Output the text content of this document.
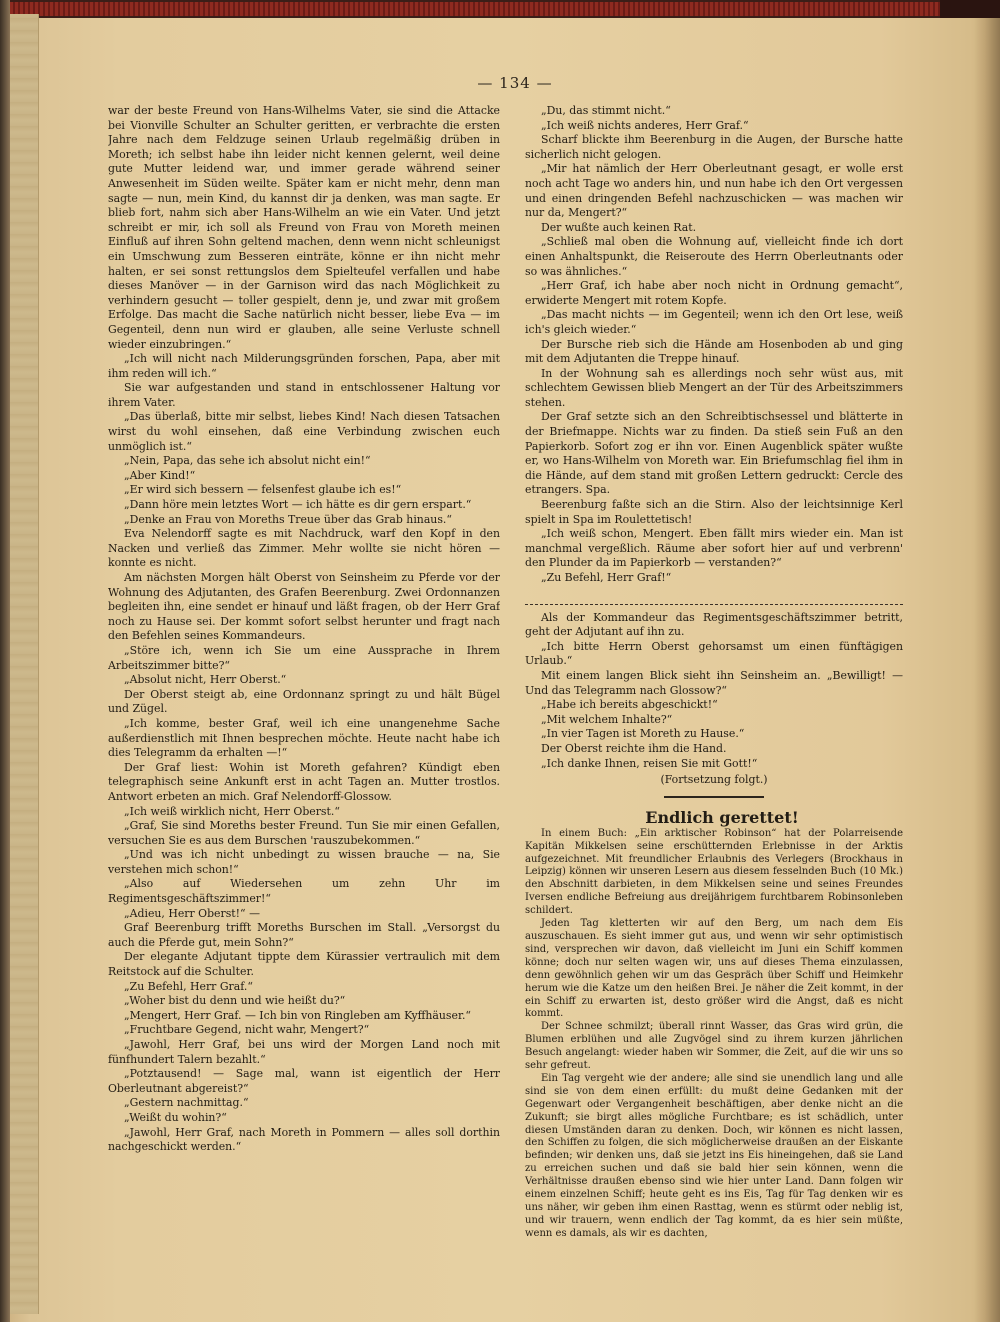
— 134 —

war der beste Freund von Hans-Wilhelms Vater, sie sind die Attacke bei Vionville Schulter an Schulter geritten, er verbrachte die ersten Jahre nach dem Feldzuge seinen Urlaub regelmäßig drüben in Moreth; ich selbst habe ihn leider nicht kennen gelernt, weil deine gute Mutter leidend war, und immer gerade während seiner Anwesenheit im Süden weilte. Später kam er nicht mehr, denn man sagte — nun, mein Kind, du kannst dir ja denken, was man sagte. Er blieb fort, nahm sich aber Hans-Wilhelm an wie ein Vater. Und jetzt schreibt er mir, ich soll als Freund von Frau von Moreth meinen Einfluß auf ihren Sohn geltend machen, denn wenn nicht schleunigst ein Umschwung zum Besseren einträte, könne er ihn nicht mehr halten, er sei sonst rettungslos dem Spielteufel verfallen und habe dieses Manöver — in der Garnison wird das nach Möglichkeit zu verhindern gesucht — toller gespielt, denn je, und zwar mit großem Erfolge. Das macht die Sache natürlich nicht besser, liebe Eva — im Gegenteil, denn nun wird er glauben, alle seine Verluste schnell wieder einzubringen.“

„Ich will nicht nach Milderungsgründen forschen, Papa, aber mit ihm reden will ich.“

Sie war aufgestanden und stand in entschlossener Haltung vor ihrem Vater.

„Das überlaß, bitte mir selbst, liebes Kind! Nach diesen Tatsachen wirst du wohl einsehen, daß eine Verbindung zwischen euch unmöglich ist.“

„Nein, Papa, das sehe ich absolut nicht ein!“

„Aber Kind!“

„Er wird sich bessern — felsenfest glaube ich es!“

„Dann höre mein letztes Wort — ich hätte es dir gern erspart.“

„Denke an Frau von Moreths Treue über das Grab hinaus.“

Eva Nelendorff sagte es mit Nachdruck, warf den Kopf in den Nacken und verließ das Zimmer. Mehr wollte sie nicht hören — konnte es nicht.

Am nächsten Morgen hält Oberst von Seinsheim zu Pferde vor der Wohnung des Adjutanten, des Grafen Beerenburg. Zwei Ordonnanzen begleiten ihn, eine sendet er hinauf und läßt fragen, ob der Herr Graf noch zu Hause sei. Der kommt sofort selbst herunter und fragt nach den Befehlen seines Kommandeurs.

„Störe ich, wenn ich Sie um eine Aussprache in Ihrem Arbeitszimmer bitte?“

„Absolut nicht, Herr Oberst.“

Der Oberst steigt ab, eine Ordonnanz springt zu und hält Bügel und Zügel.

„Ich komme, bester Graf, weil ich eine unangenehme Sache außerdienstlich mit Ihnen besprechen möchte. Heute nacht habe ich dies Telegramm da erhalten —!“

Der Graf liest: Wohin ist Moreth gefahren? Kündigt eben telegraphisch seine Ankunft erst in acht Tagen an. Mutter trostlos. Antwort erbeten an mich. Graf Nelendorff-Glossow.

„Ich weiß wirklich nicht, Herr Oberst.“

„Graf, Sie sind Moreths bester Freund. Tun Sie mir einen Gefallen, versuchen Sie es aus dem Burschen 'rauszubekommen.“

„Und was ich nicht unbedingt zu wissen brauche — na, Sie verstehen mich schon!“

„Also auf Wiedersehen um zehn Uhr im Regimentsgeschäftszimmer!“

„Adieu, Herr Oberst!“ —

Graf Beerenburg trifft Moreths Burschen im Stall. „Versorgst du auch die Pferde gut, mein Sohn?“

Der elegante Adjutant tippte dem Kürassier vertraulich mit dem Reitstock auf die Schulter.

„Zu Befehl, Herr Graf.“

„Woher bist du denn und wie heißt du?“

„Mengert, Herr Graf. — Ich bin von Ringleben am Kyffhäuser.“

„Fruchtbare Gegend, nicht wahr, Mengert?“

„Jawohl, Herr Graf, bei uns wird der Morgen Land noch mit fünfhundert Talern bezahlt.“

„Potztausend! — Sage mal, wann ist eigentlich der Herr Oberleutnant abgereist?“

„Gestern nachmittag.“

„Weißt du wohin?“

„Jawohl, Herr Graf, nach Moreth in Pommern — alles soll dorthin nachgeschickt werden.“

„Du, das stimmt nicht.“

„Ich weiß nichts anderes, Herr Graf.“

Scharf blickte ihm Beerenburg in die Augen, der Bursche hatte sicherlich nicht gelogen.

„Mir hat nämlich der Herr Oberleutnant gesagt, er wolle erst noch acht Tage wo anders hin, und nun habe ich den Ort vergessen und einen dringenden Befehl nachzuschicken — was machen wir nur da, Mengert?“

Der wußte auch keinen Rat.

„Schließ mal oben die Wohnung auf, vielleicht finde ich dort einen Anhaltspunkt, die Reiseroute des Herrn Oberleutnants oder so was ähnliches.“

„Herr Graf, ich habe aber noch nicht in Ordnung gemacht“, erwiderte Mengert mit rotem Kopfe.

„Das macht nichts — im Gegenteil; wenn ich den Ort lese, weiß ich's gleich wieder.“

Der Bursche rieb sich die Hände am Hosenboden ab und ging mit dem Adjutanten die Treppe hinauf.

In der Wohnung sah es allerdings noch sehr wüst aus, mit schlechtem Gewissen blieb Mengert an der Tür des Arbeitszimmers stehen.

Der Graf setzte sich an den Schreibtischsessel und blätterte in der Briefmappe. Nichts war zu finden. Da stieß sein Fuß an den Papierkorb. Sofort zog er ihn vor. Einen Augenblick später wußte er, wo Hans-Wilhelm von Moreth war. Ein Briefumschlag fiel ihm in die Hände, auf dem stand mit großen Lettern gedruckt: Cercle des etrangers. Spa.

Beerenburg faßte sich an die Stirn. Also der leichtsinnige Kerl spielt in Spa im Roulettetisch!

„Ich weiß schon, Mengert. Eben fällt mirs wieder ein. Man ist manchmal vergeßlich. Räume aber sofort hier auf und verbrenn' den Plunder da im Papierkorb — verstanden?“

„Zu Befehl, Herr Graf!“

Als der Kommandeur das Regimentsgeschäftszimmer betritt, geht der Adjutant auf ihn zu.

„Ich bitte Herrn Oberst gehorsamst um einen fünftägigen Urlaub.“

Mit einem langen Blick sieht ihn Seinsheim an. „Bewilligt! — Und das Telegramm nach Glossow?“

„Habe ich bereits abgeschickt!“

„Mit welchem Inhalte?“

„In vier Tagen ist Moreth zu Hause.“

Der Oberst reichte ihm die Hand.

„Ich danke Ihnen, reisen Sie mit Gott!“

(Fortsetzung folgt.)

Endlich gerettet!

In einem Buch: „Ein arktischer Robinson“ hat der Polarreisende Kapitän Mikkelsen seine erschütternden Erlebnisse in der Arktis aufgezeichnet. Mit freundlicher Erlaubnis des Verlegers (Brockhaus in Leipzig) können wir unseren Lesern aus diesem fesselnden Buch (10 Mk.) den Abschnitt darbieten, in dem Mikkelsen seine und seines Freundes Iversen endliche Befreiung aus dreijährigem furchtbarem Robinsonleben schildert.

Jeden Tag kletterten wir auf den Berg, um nach dem Eis auszuschauen. Es sieht immer gut aus, und wenn wir sehr optimistisch sind, versprechen wir davon, daß vielleicht im Juni ein Schiff kommen könne; doch nur selten wagen wir, uns auf dieses Thema einzulassen, denn gewöhnlich gehen wir um das Gespräch über Schiff und Heimkehr herum wie die Katze um den heißen Brei. Je näher die Zeit kommt, in der ein Schiff zu erwarten ist, desto größer wird die Angst, daß es nicht kommt.

Der Schnee schmilzt; überall rinnt Wasser, das Gras wird grün, die Blumen erblühen und alle Zugvögel sind zu ihrem kurzen jährlichen Besuch angelangt: wieder haben wir Sommer, die Zeit, auf die wir uns so sehr gefreut.

Ein Tag vergeht wie der andere; alle sind sie unendlich lang und alle sind sie von dem einen erfüllt: du mußt deine Gedanken mit der Gegenwart oder Vergangenheit beschäftigen, aber denke nicht an die Zukunft; sie birgt alles mögliche Furchtbare; es ist schädlich, unter diesen Umständen daran zu denken. Doch, wir können es nicht lassen, den Schiffen zu folgen, die sich möglicherweise draußen an der Eiskante befinden; wir denken uns, daß sie jetzt ins Eis hineingehen, daß sie Land zu erreichen suchen und daß sie bald hier sein können, wenn die Verhältnisse draußen ebenso sind wie hier unter Land. Dann folgen wir einem einzelnen Schiff; heute geht es ins Eis, Tag für Tag denken wir es uns näher, wir geben ihm einen Rasttag, wenn es stürmt oder neblig ist, und wir trauern, wenn endlich der Tag kommt, da es hier sein müßte, wenn es damals, als wir es dachten,
